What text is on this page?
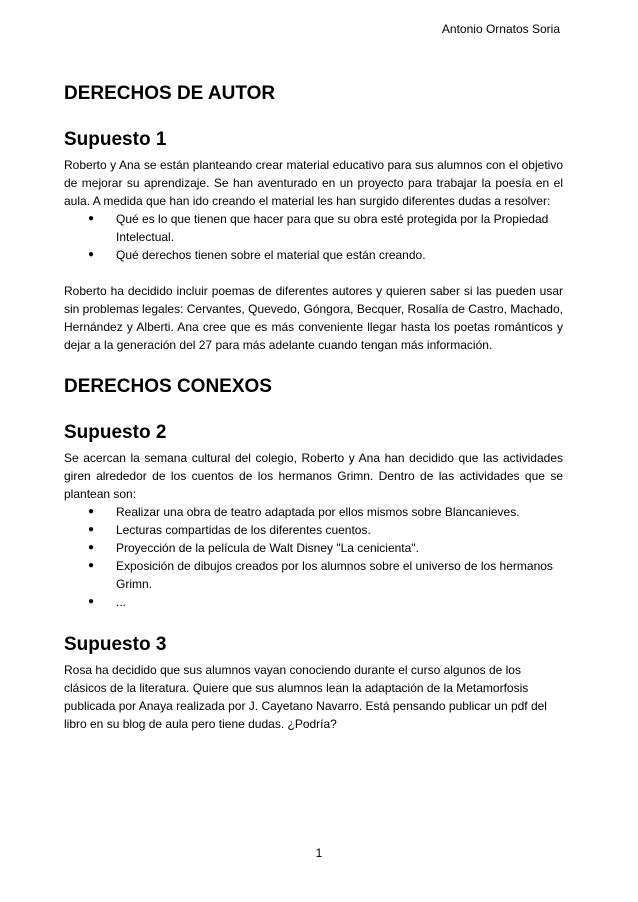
Antonio Ornatos Soria
DERECHOS DE AUTOR
Supuesto 1

Roberto y Ana se están planteando crear material educativo para sus alumnos con el objetivo de mejorar su aprendizaje. Se han aventurado en un proyecto para trabajar la poesía en el aula. A medida que han ido creando el material les han surgido diferentes dudas a resolver:

● Qué es lo que tienen que hacer para que su obra esté protegida por la Propiedad Intelectual.
● Qué derechos tienen sobre el material que están creando.

Roberto ha decidido incluir poemas de diferentes autores y quieren saber si las pueden usar sin problemas legales: Cervantes, Quevedo, Góngora, Becquer, Rosalía de Castro, Machado, Hernández y Alberti. Ana cree que es más conveniente llegar hasta los poetas románticos y dejar a la generación del 27 para más adelante cuando tengan más información.

DERECHOS CONEXOS
Supuesto 2

Se acercan la semana cultural del colegio, Roberto y Ana han decidido que las actividades giren alrededor de los cuentos de los hermanos Grimn. Dentro de las actividades que se plantean son:

● Realizar una obra de teatro adaptada por ellos mismos sobre Blancanieves.
● Lecturas compartidas de los diferentes cuentos.
● Proyección de la película de Walt Disney "La cenicienta".
● Exposición de dibujos creados por los alumnos sobre el universo de los hermanos Grimn.
● ...
Supuesto 3

Rosa ha decidido que sus alumnos vayan conociendo durante el curso algunos de los clásicos de la literatura. Quiere que sus alumnos lean la adaptación de la Metamorfosis publicada por Anaya realizada por J. Cayetano Navarro. Está pensando publicar un pdf del libro en su blog de aula pero tiene dudas. ¿Podría?

1
